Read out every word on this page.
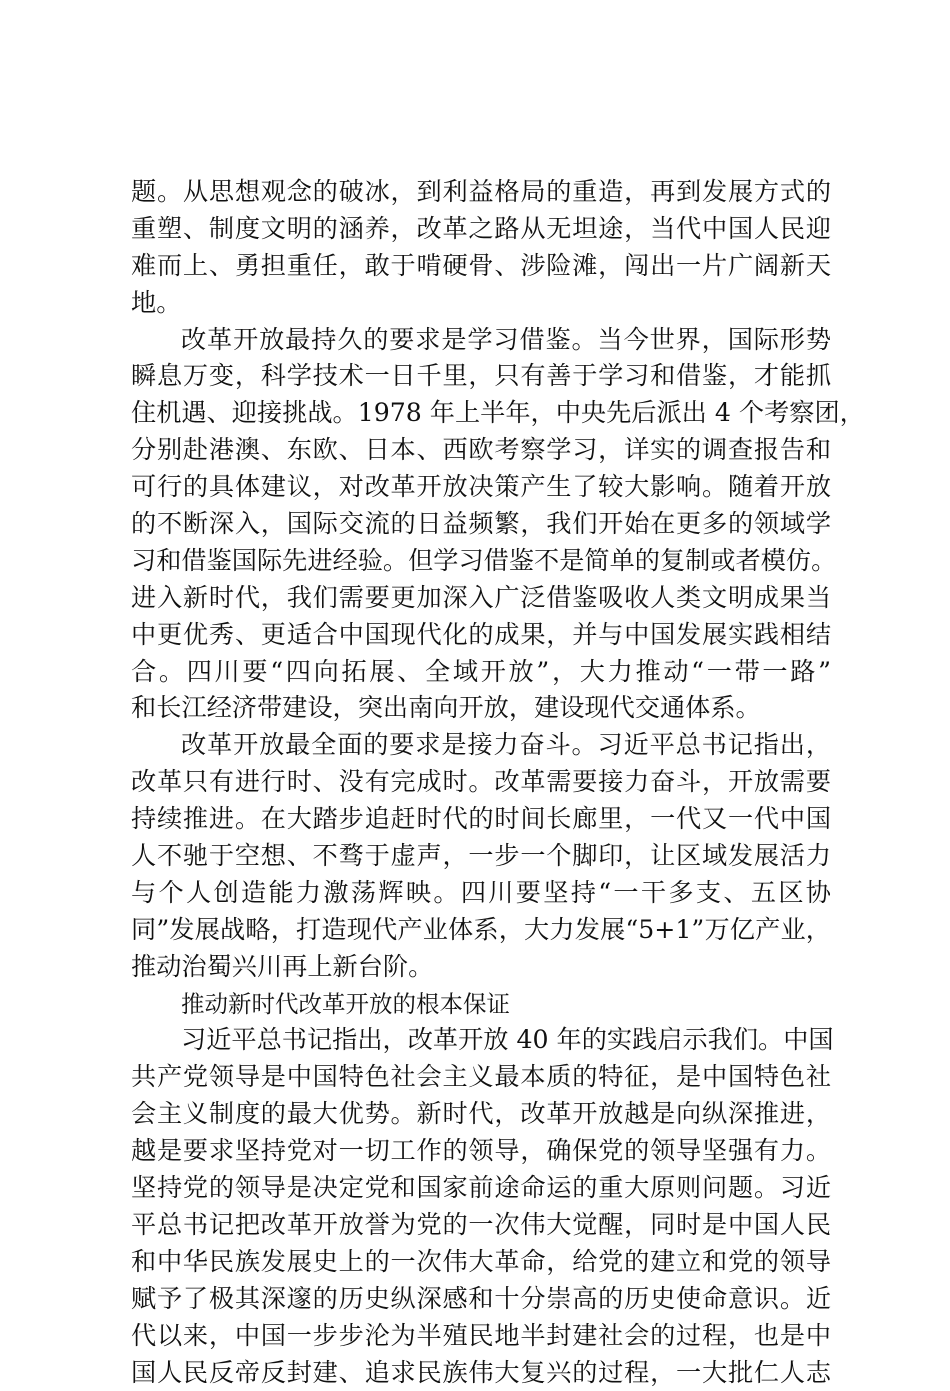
题。从思想观念的破冰，到利益格局的重造，再到发展方式的
重塑、制度文明的涵养，改革之路从无坦途，当代中国人民迎
难而上、勇担重任，敢于啃硬骨、涉险滩，闯出一片广阔新天
地。
改革开放最持久的要求是学习借鉴。当今世界，国际形势
瞬息万变，科学技术一日千里，只有善于学习和借鉴，才能抓
住机遇、迎接挑战。1978 年上半年，中央先后派出 4 个考察团，
分别赴港澳、东欧、日本、西欧考察学习，详实的调查报告和
可行的具体建议，对改革开放决策产生了较大影响。随着开放
的不断深入，国际交流的日益频繁，我们开始在更多的领域学
习和借鉴国际先进经验。但学习借鉴不是简单的复制或者模仿。
进入新时代，我们需要更加深入广泛借鉴吸收人类文明成果当
中更优秀、更适合中国现代化的成果，并与中国发展实践相结
合。四川要“四向拓展、全域开放”，大力推动“一带一路”
和长江经济带建设，突出南向开放，建设现代交通体系。
改革开放最全面的要求是接力奋斗。习近平总书记指出，
改革只有进行时、没有完成时。改革需要接力奋斗，开放需要
持续推进。在大踏步追赶时代的时间长廊里，一代又一代中国
人不驰于空想、不骛于虚声，一步一个脚印，让区域发展活力
与个人创造能力激荡辉映。四川要坚持“一干多支、五区协
同”发展战略，打造现代产业体系，大力发展“5+1”万亿产业，
推动治蜀兴川再上新台阶。
推动新时代改革开放的根本保证
习近平总书记指出，改革开放 40 年的实践启示我们。中国
共产党领导是中国特色社会主义最本质的特征，是中国特色社
会主义制度的最大优势。新时代，改革开放越是向纵深推进，
越是要求坚持党对一切工作的领导，确保党的领导坚强有力。
坚持党的领导是决定党和国家前途命运的重大原则问题。习近
平总书记把改革开放誉为党的一次伟大觉醒，同时是中国人民
和中华民族发展史上的一次伟大革命，给党的建立和党的领导
赋予了极其深邃的历史纵深感和十分崇高的历史使命意识。近
代以来，中国一步步沦为半殖民地半封建社会的过程，也是中
国人民反帝反封建、追求民族伟大复兴的过程，一大批仁人志
